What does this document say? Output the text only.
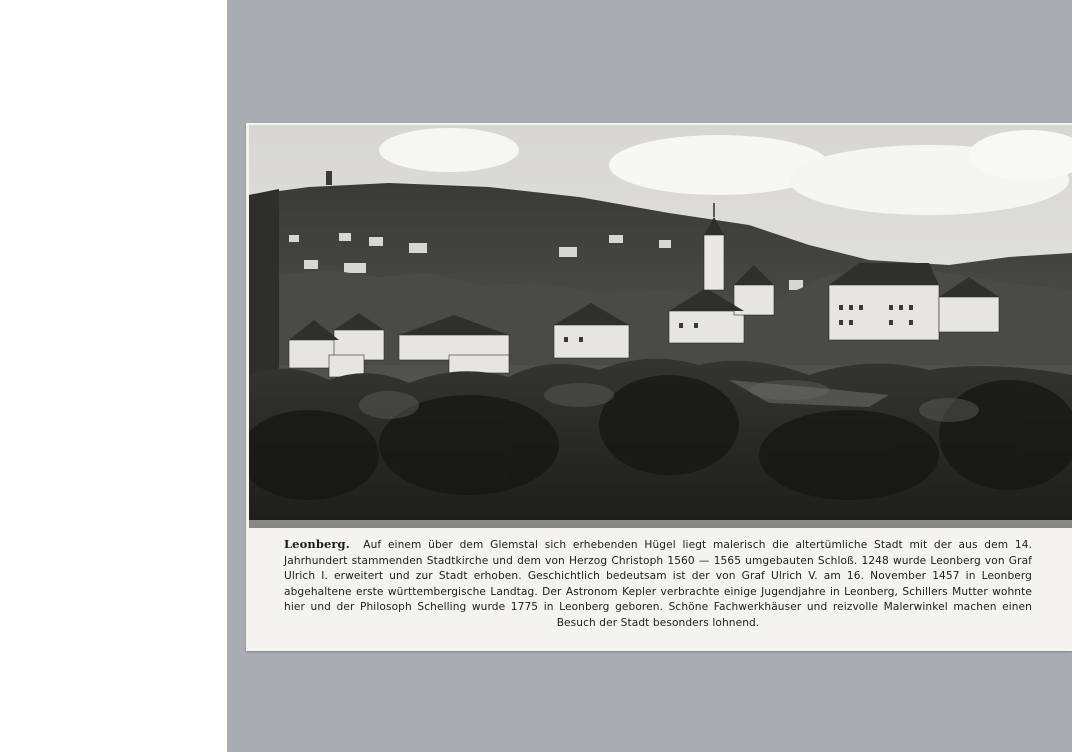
Leonberg. Auf einem über dem Glemstal sich erhebenden Hügel liegt malerisch die altertümliche Stadt mit der aus dem 14. Jahrhundert stammenden Stadtkirche und dem von Herzog Christoph 1560 — 1565 umgebauten Schloß. 1248 wurde Leonberg von Graf Ulrich I. erweitert und zur Stadt erhoben. Geschichtlich bedeutsam ist der von Graf Ulrich V. am 16. November 1457 in Leonberg abgehaltene erste württembergische Landtag. Der Astronom Kepler verbrachte einige Jugendjahre in Leonberg, Schillers Mutter wohnte hier und der Philosoph Schelling wurde 1775 in Leonberg geboren. Schöne Fachwerkhäuser und reizvolle Malerwinkel machen einen Besuch der Stadt besonders lohnend.
